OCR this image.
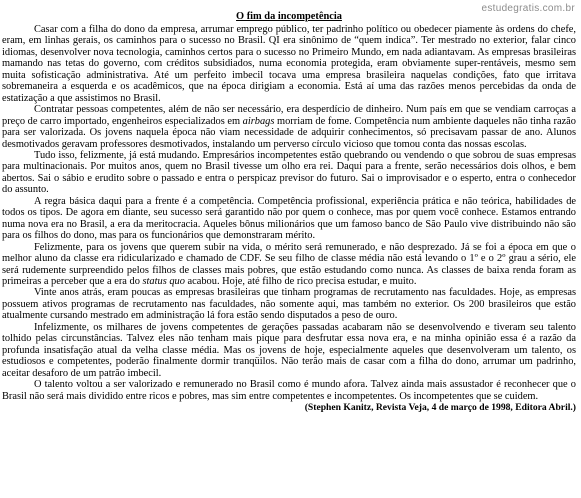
estudegratis.com.br
O fim da incompetência

Casar com a filha do dono da empresa, arrumar emprego público, ter padrinho político ou obedecer piamente às ordens do chefe, eram, em linhas gerais, os caminhos para o sucesso no Brasil. QI era sinônimo de “quem indica”. Ter mestrado no exterior, falar cinco idiomas, desenvolver nova tecnologia, caminhos certos para o sucesso no Primeiro Mundo, em nada adiantavam. As empresas brasileiras mamando nas tetas do governo, com créditos subsidiados, numa economia protegida, eram obviamente super-rentáveis, mesmo sem muita sofisticação administrativa. Até um perfeito imbecil tocava uma empresa brasileira naquelas condições, fato que irritava sobremaneira a esquerda e os acadêmicos, que na época dirigiam a economia. Está aí uma das razões menos percebidas da onda de estatização a que assistimos no Brasil.

Contratar pessoas competentes, além de não ser necessário, era desperdício de dinheiro. Num país em que se vendiam carroças a preço de carro importado, engenheiros especializados em airbags morriam de fome. Competência num ambiente daqueles não tinha razão para ser valorizada. Os jovens naquela época não viam necessidade de adquirir conhecimentos, só precisavam passar de ano. Alunos desmotivados geravam professores desmotivados, instalando um perverso círculo vicioso que tomou conta das nossas escolas.

Tudo isso, felizmente, já está mudando. Empresários incompetentes estão quebrando ou vendendo o que sobrou de suas empresas para multinacionais. Por muitos anos, quem no Brasil tivesse um olho era rei. Daqui para a frente, serão necessários dois olhos, e bem abertos. Sai o sábio e erudito sobre o passado e entra o perspicaz previsor do futuro. Sai o improvisador e o esperto, entra o conhecedor do assunto.

A regra básica daqui para a frente é a competência. Competência profissional, experiência prática e não teórica, habilidades de todos os tipos. De agora em diante, seu sucesso será garantido não por quem o conhece, mas por quem você conhece. Estamos entrando numa nova era no Brasil, a era da meritocracia. Aqueles bônus milionários que um famoso banco de São Paulo vive distribuindo não são para os filhos do dono, mas para os funcionários que demonstraram mérito.

Felizmente, para os jovens que querem subir na vida, o mérito será remunerado, e não desprezado. Já se foi a época em que o melhor aluno da classe era ridicularizado e chamado de CDF. Se seu filho de classe média não está levando o 1º e o 2º grau a sério, ele será rudemente surpreendido pelos filhos de classes mais pobres, que estão estudando como nunca. As classes de baixa renda foram as primeiras a perceber que a era do status quo acabou. Hoje, até filho de rico precisa estudar, e muito.

Vinte anos atrás, eram poucas as empresas brasileiras que tinham programas de recrutamento nas faculdades. Hoje, as empresas possuem ativos programas de recrutamento nas faculdades, não somente aqui, mas também no exterior. Os 200 brasileiros que estão atualmente cursando mestrado em administração lá fora estão sendo disputados a peso de ouro.

Infelizmente, os milhares de jovens competentes de gerações passadas acabaram não se desenvolvendo e tiveram seu talento tolhido pelas circunstâncias. Talvez eles não tenham mais pique para desfrutar essa nova era, e na minha opinião essa é a razão da profunda insatisfação atual da velha classe média. Mas os jovens de hoje, especialmente aqueles que desenvolveram um talento, os estudiosos e competentes, poderão finalmente dormir tranqüilos. Não terão mais de casar com a filha do dono, arrumar um padrinho, aceitar desaforo de um patrão imbecil.

O talento voltou a ser valorizado e remunerado no Brasil como é mundo afora. Talvez ainda mais assustador é reconhecer que o Brasil não será mais dividido entre ricos e pobres, mas sim entre competentes e incompetentes. Os incompetentes que se cuidem.
(Stephen Kanitz, Revista Veja, 4 de março de 1998, Editora Abril.)
